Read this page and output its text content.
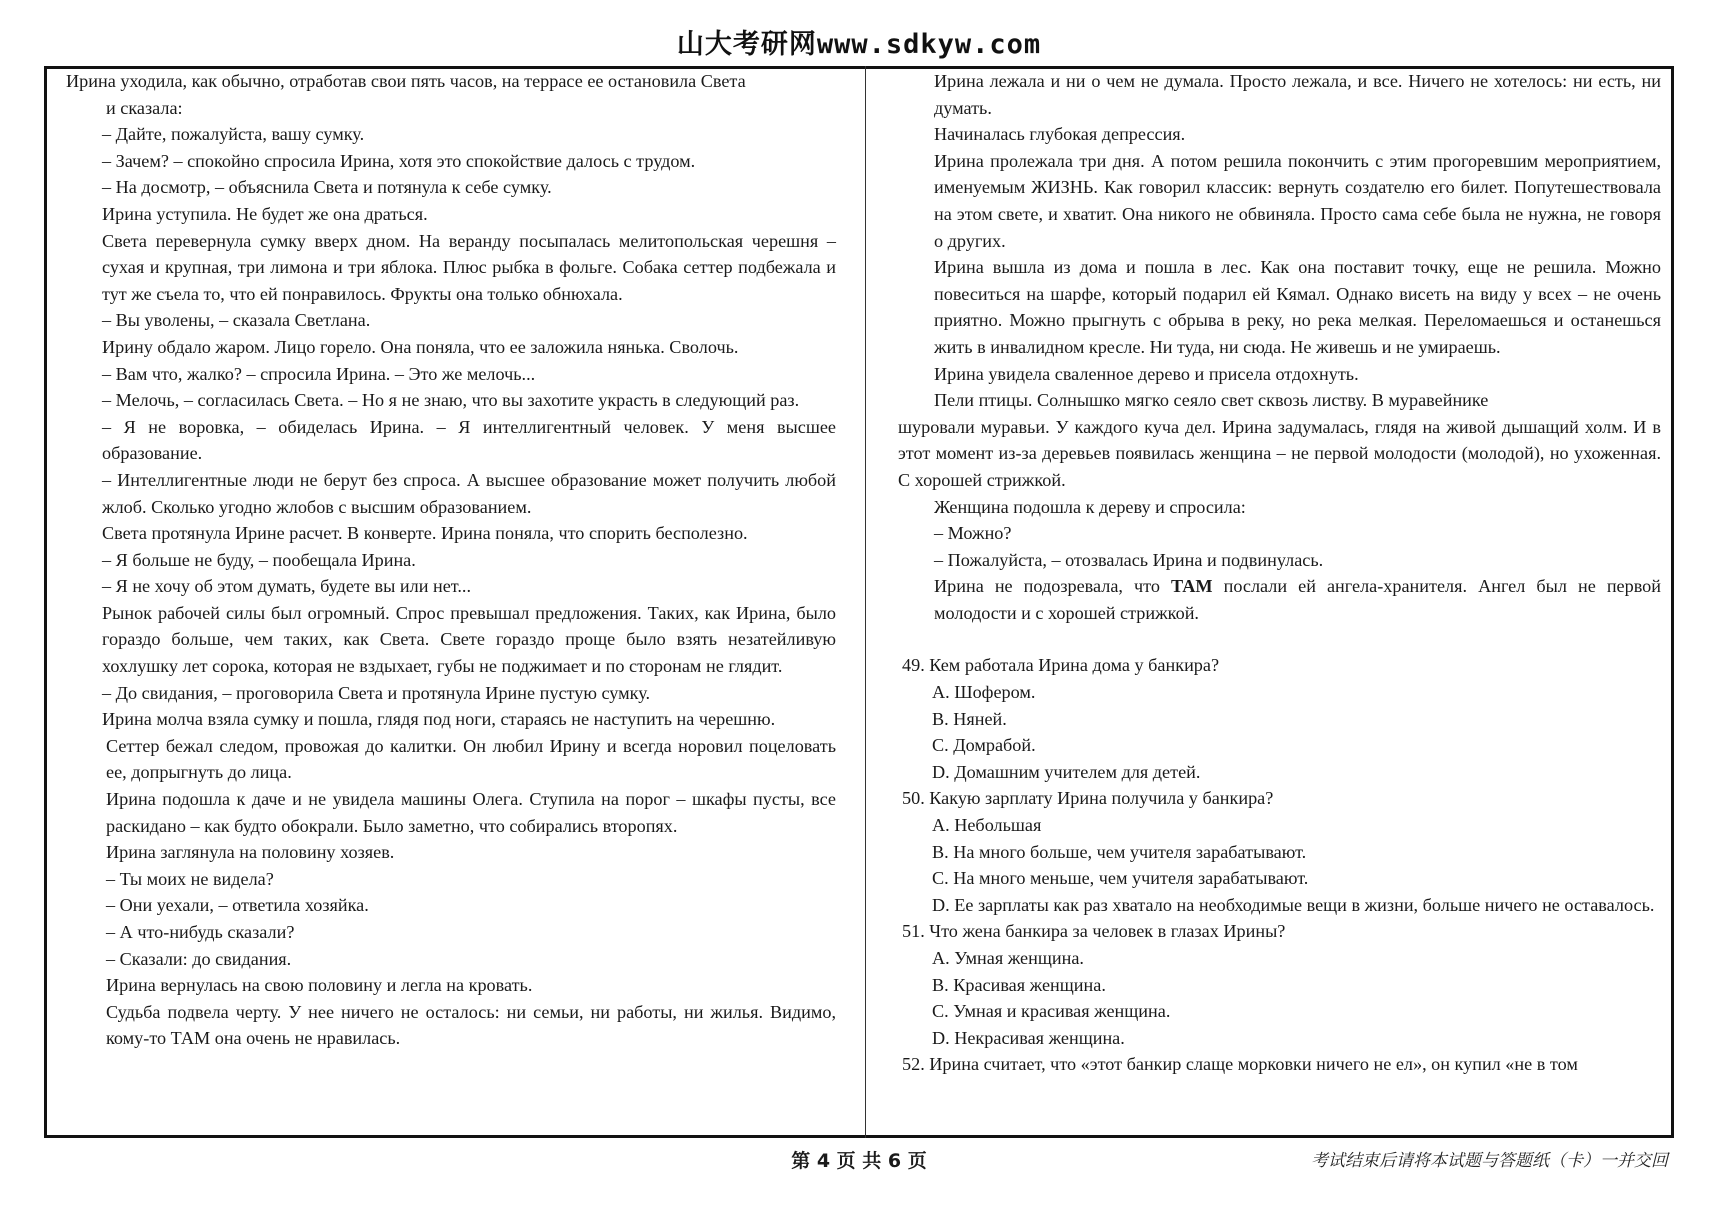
山大考研网www.sdkyw.com

Ирина уходила, как обычно, отработав свои пять часов, на террасе ее остановила Света

и сказала:

– Дайте, пожалуйста, вашу сумку.

– Зачем? – спокойно спросила Ирина, хотя это спокойствие далось с трудом.

– На досмотр, – объяснила Света и потянула к себе сумку.

Ирина уступила. Не будет же она драться.

Света перевернула сумку вверх дном. На веранду посыпалась мелитопольская черешня – сухая и крупная, три лимона и три яблока. Плюс рыбка в фольге. Собака сеттер подбежала и тут же съела то, что ей понравилось. Фрукты она только обнюхала.

– Вы уволены, – сказала Светлана.

Ирину обдало жаром. Лицо горело. Она поняла, что ее заложила нянька. Сволочь.

– Вам что, жалко? – спросила Ирина. – Это же мелочь...

– Мелочь, – согласилась Света. – Но я не знаю, что вы захотите украсть в следующий раз.

– Я не воровка, – обиделась Ирина. – Я интеллигентный человек. У меня высшее образование.

– Интеллигентные люди не берут без спроса. А высшее образование может получить любой жлоб. Сколько угодно жлобов с высшим образованием.

Света протянула Ирине расчет. В конверте. Ирина поняла, что спорить бесполезно.

– Я больше не буду, – пообещала Ирина.

– Я не хочу об этом думать, будете вы или нет...

Рынок рабочей силы был огромный. Спрос превышал предложения. Таких, как Ирина, было гораздо больше, чем таких, как Света. Свете гораздо проще было взять незатейливую хохлушку лет сорока, которая не вздыхает, губы не поджимает и по сторонам не глядит.

– До свидания, – проговорила Света и протянула Ирине пустую сумку.

Ирина молча взяла сумку и пошла, глядя под ноги, стараясь не наступить на черешню.

Сеттер бежал следом, провожая до калитки. Он любил Ирину и всегда норовил поцеловать ее, допрыгнуть до лица.

Ирина подошла к даче и не увидела машины Олега. Ступила на порог – шкафы пусты, все раскидано – как будто обокрали. Было заметно, что собирались второпях.

Ирина заглянула на половину хозяев.

– Ты моих не видела?

– Они уехали, – ответила хозяйка.

– А что-нибудь сказали?

– Сказали: до свидания.

Ирина вернулась на свою половину и легла на кровать.

Судьба подвела черту. У нее ничего не осталось: ни семьи, ни работы, ни жилья. Видимо, кому-то ТАМ она очень не нравилась.

Ирина лежала и ни о чем не думала. Просто лежала, и все. Ничего не хотелось: ни есть, ни думать.

Начиналась глубокая депрессия.

Ирина пролежала три дня. А потом решила покончить с этим прогоревшим мероприятием, именуемым ЖИЗНЬ. Как говорил классик: вернуть создателю его билет. Попутешествовала на этом свете, и хватит. Она никого не обвиняла. Просто сама себе была не нужна, не говоря о других.

Ирина вышла из дома и пошла в лес. Как она поставит точку, еще не решила. Можно повеситься на шарфе, который подарил ей Кямал. Однако висеть на виду у всех – не очень приятно. Можно прыгнуть с обрыва в реку, но река мелкая. Переломаешься и останешься жить в инвалидном кресле. Ни туда, ни сюда. Не живешь и не умираешь.

Ирина увидела сваленное дерево и присела отдохнуть.

Пели птицы. Солнышко мягко сеяло свет сквозь листву. В муравейнике

шуровали муравьи. У каждого куча дел. Ирина задумалась, глядя на живой дышащий холм. И в этот момент из-за деревьев появилась женщина – не первой молодости (молодой), но ухоженная. С хорошей стрижкой.

Женщина подошла к дереву и спросила:

– Можно?

– Пожалуйста, – отозвалась Ирина и подвинулась.

Ирина не подозревала, что ТАМ послали ей ангела-хранителя. Ангел был не первой молодости и с хорошей стрижкой.

49. Кем работала Ирина дома у банкира?

A. Шофером.

B. Няней.

C. Домрабой.

D. Домашним учителем для детей.

50. Какую зарплату Ирина получила у банкира?

A. Небольшая

B. На много больше, чем учителя зарабатывают.

C. На много меньше, чем учителя зарабатывают.

D. Ее зарплаты как раз хватало на необходимые вещи в жизни, больше ничего не оставалось.

51. Что жена банкира за человек в глазах Ирины?

A. Умная женщина.

B. Красивая женщина.

C. Умная и красивая женщина.

D. Некрасивая женщина.

52. Ирина считает, что «этот банкир слаще морковки ничего не ел», он купил «не в том

第 4 页 共 6 页	考试结束后请将本试题与答题纸（卡）一并交回
